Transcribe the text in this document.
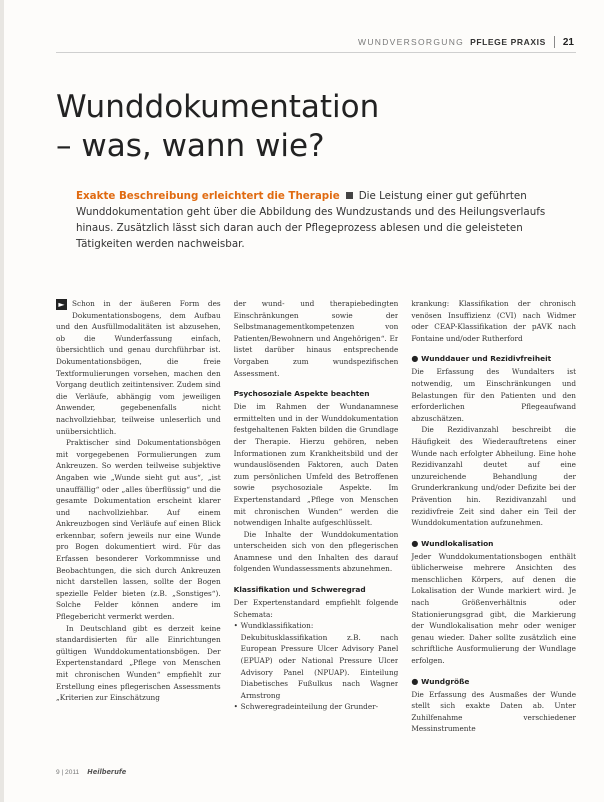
WUNDVERSORGUNG PFLEGE PRAXIS 21
Wunddokumentation
– was, wann wie?
Exakte Beschreibung erleichtert die Therapie Die Leistung einer gut geführten Wunddokumentation geht über die Abbildung des Wundzustands und des Heilungsverlaufs hinaus. Zusätzlich lässt sich daran auch der Pflegeprozess ablesen und die geleisteten Tätigkeiten werden nachweisbar.

►	Schon in der äußeren Form des Dokumentationsbogens, dem Aufbau und den Ausfüllmodalitäten ist abzusehen, ob die Wunderfassung einfach, übersichtlich und genau durchführbar ist. Dokumentationsbögen, die freie Textformulierungen vorsehen, machen den Vorgang deutlich zeitintensiver. Zudem sind die Verläufe, abhängig vom jeweiligen Anwender, gegebenenfalls nicht nachvollziehbar, teilweise unleserlich und unübersichtlich.

Praktischer sind Dokumentationsbögen mit vorgegebenen Formulierungen zum Ankreuzen. So werden teilweise subjektive Angaben wie „Wunde sieht gut aus“, „ist unauffällig“ oder „alles überflüssig“ und die gesamte Dokumentation erscheint klarer und nachvollziehbar. Auf einem Ankreuzbogen sind Verläufe auf einen Blick erkennbar, sofern jeweils nur eine Wunde pro Bogen dokumentiert wird. Für das Erfassen besonderer Vorkommnisse und Beobachtungen, die sich durch Ankreuzen nicht darstellen lassen, sollte der Bogen spezielle Felder bieten (z.B. „Sonstiges“). Solche Felder können andere im Pflegebericht vermerkt werden.

In Deutschland gibt es derzeit keine standardisierten für alle Einrichtungen gültigen Wunddokumentationsbögen. Der Expertenstandard „Pflege von Menschen mit chronischen Wunden“ empfiehlt zur Erstellung eines pflegerischen Assessments „Kriterien zur Einschätzung

der wund- und therapiebedingten Einschränkungen sowie der Selbstmanagementkompetenzen von Patienten/Bewohnern und Angehörigen“. Er listet darüber hinaus entsprechende Vorgaben zum wundspezifischen Assessment.

Psychosoziale Aspekte beachten

Die im Rahmen der Wundanamnese ermittelten und in der Wunddokumentation festgehaltenen Fakten bilden die Grundlage der Therapie. Hierzu gehören, neben Informationen zum Krankheitsbild und der wundauslösenden Faktoren, auch Daten zum persönlichen Umfeld des Betroffenen sowie psychosoziale Aspekte. Im Expertenstandard „Pflege von Menschen mit chronischen Wunden“ werden die notwendigen Inhalte aufgeschlüsselt.

Die Inhalte der Wunddokumentation unterscheiden sich von den pflegerischen Anamnese und den Inhalten des darauf folgenden Wundassessments abzunehmen.

Klassifikation und Schweregrad

Der Expertenstandard empfiehlt folgende Schemata:

• Wundklassifikation: Dekubitusklassifikation z.B. nach European Pressure Ulcer Advisory Panel (EPUAP) oder National Pressure Ulcer Advisory Panel (NPUAP). Einteilung Diabetisches Fußulkus nach Wagner Armstrong
• Schweregradeinteilung der Grunder-

krankung: Klassifikation der chronisch venösen Insuffizienz (CVI) nach Widmer oder CEAP-Klassifikation der pAVK nach Fontaine und/oder Rutherford

● Wunddauer und Rezidivfreiheit

Die Erfassung des Wundalters ist notwendig, um Einschränkungen und Belastungen für den Patienten und den erforderlichen Pflegeaufwand abzuschätzen.

Die Rezidivanzahl beschreibt die Häufigkeit des Wiederauftretens einer Wunde nach erfolgter Abheilung. Eine hohe Rezidivanzahl deutet auf eine unzureichende Behandlung der Grunderkrankung und/oder Defizite bei der Prävention hin. Rezidivanzahl und rezidivfreie Zeit sind daher ein Teil der Wunddokumentation aufzunehmen.

● Wundlokalisation

Jeder Wunddokumentationsbogen enthält üblicherweise mehrere Ansichten des menschlichen Körpers, auf denen die Lokalisation der Wunde markiert wird. Je nach Größenverhältnis oder Stationierungsgrad gibt, die Markierung der Wundlokalisation mehr oder weniger genau wieder. Daher sollte zusätzlich eine schriftliche Ausformulierung der Wundlage erfolgen.

● Wundgröße

Die Erfassung des Ausmaßes der Wunde stellt sich exakte Daten ab. Unter Zuhilfenahme verschiedener Messinstrumente

9 | 2011 Heilberufe
